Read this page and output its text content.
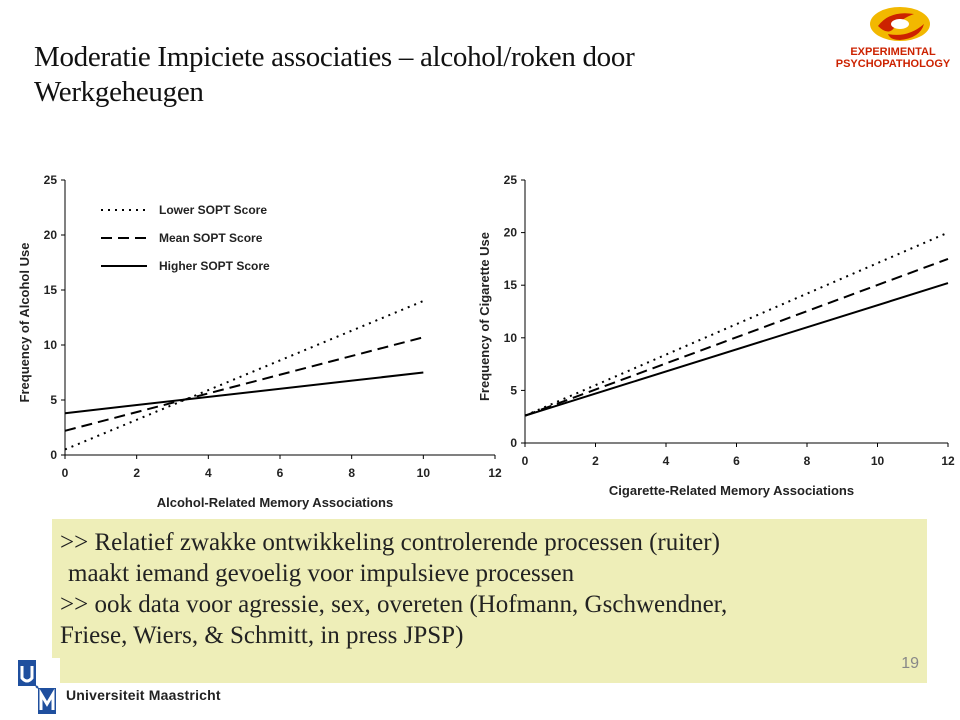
Moderatie Impiciete associaties – alcohol/roken door Werkgeheugen
EXPERIMENTAL
PSYCHOPATHOLOGY
0
5
10
15
20
25
0	2	4	6	8	10	12
Alcohol-Related Memory Associations
Frequency of Alcohol Use
Lower SOPT Score
Mean SOPT Score
Higher SOPT Score
0
5
10
15
20
25
0	2	4	6	8	10	12
Cigarette-Related Memory Associations
Frequency of Cigarette Use
>> Relatief zwakke ontwikkeling controlerende processen (ruiter)
maakt iemand gevoelig voor impulsieve processen
>> ook data voor agressie, sex, overeten (Hofmann, Gschwendner,
Friese, Wiers, & Schmitt, in press JPSP)
19
Universiteit Maastricht
